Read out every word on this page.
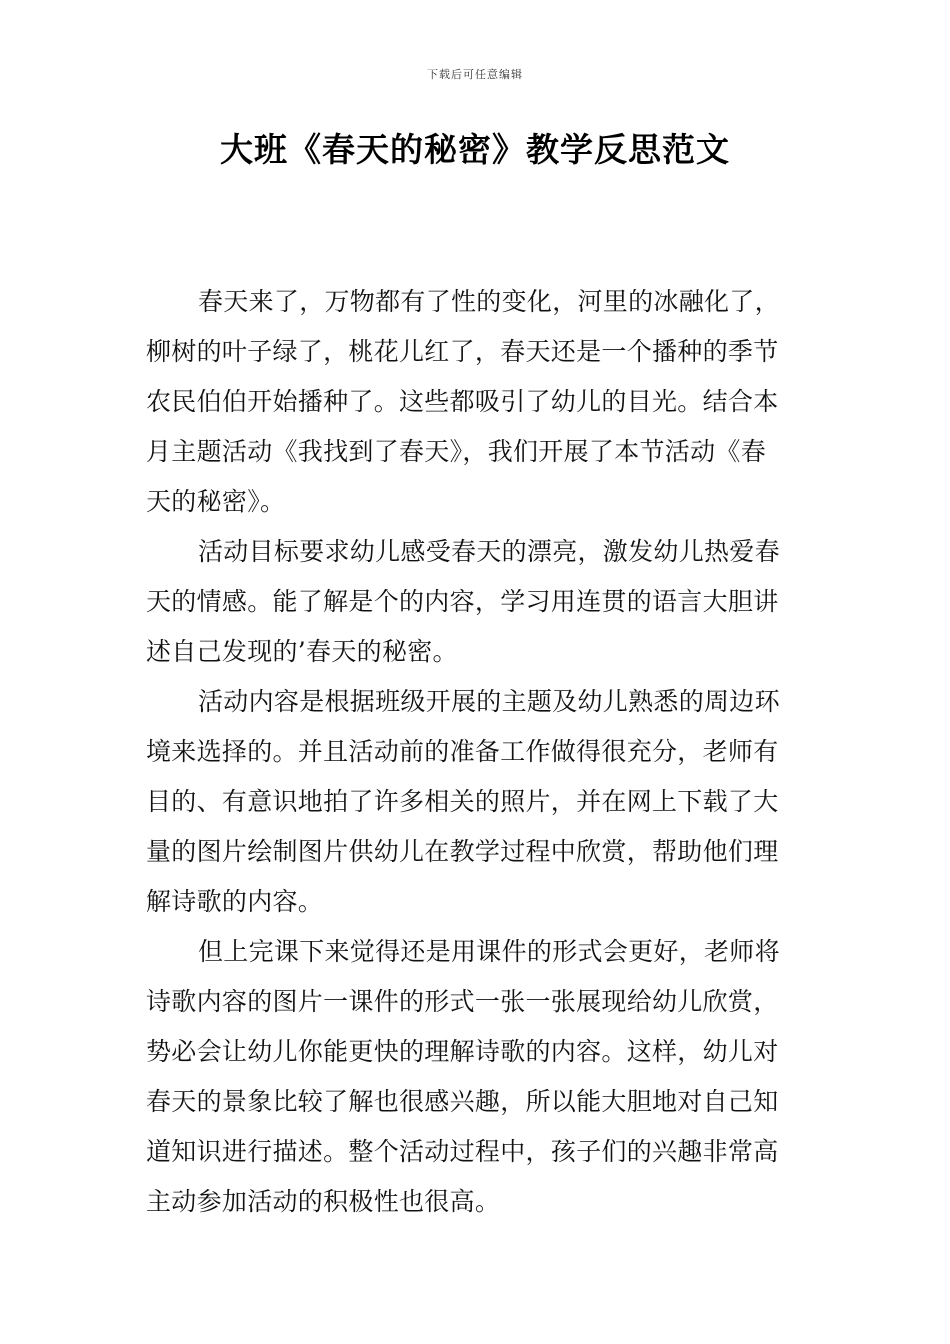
下载后可任意编辑
大班《春天的秘密》教学反思范文
春天来了，万物都有了性的变化，河里的冰融化了，
柳树的叶子绿了，桃花儿红了，春天还是一个播种的季节
农民伯伯开始播种了。这些都吸引了幼儿的目光。结合本
月主题活动《我找到了春天》，我们开展了本节活动《春
天的秘密》。
活动目标要求幼儿感受春天的漂亮，激发幼儿热爱春
天的情感。能了解是个的内容，学习用连贯的语言大胆讲
述自己发现的’春天的秘密。
活动内容是根据班级开展的主题及幼儿熟悉的周边环
境来选择的。并且活动前的准备工作做得很充分，老师有
目的、有意识地拍了许多相关的照片，并在网上下载了大
量的图片绘制图片供幼儿在教学过程中欣赏，帮助他们理
解诗歌的内容。
但上完课下来觉得还是用课件的形式会更好，老师将
诗歌内容的图片一课件的形式一张一张展现给幼儿欣赏，
势必会让幼儿你能更快的理解诗歌的内容。这样，幼儿对
春天的景象比较了解也很感兴趣，所以能大胆地对自己知
道知识进行描述。整个活动过程中，孩子们的兴趣非常高
主动参加活动的积极性也很高。
